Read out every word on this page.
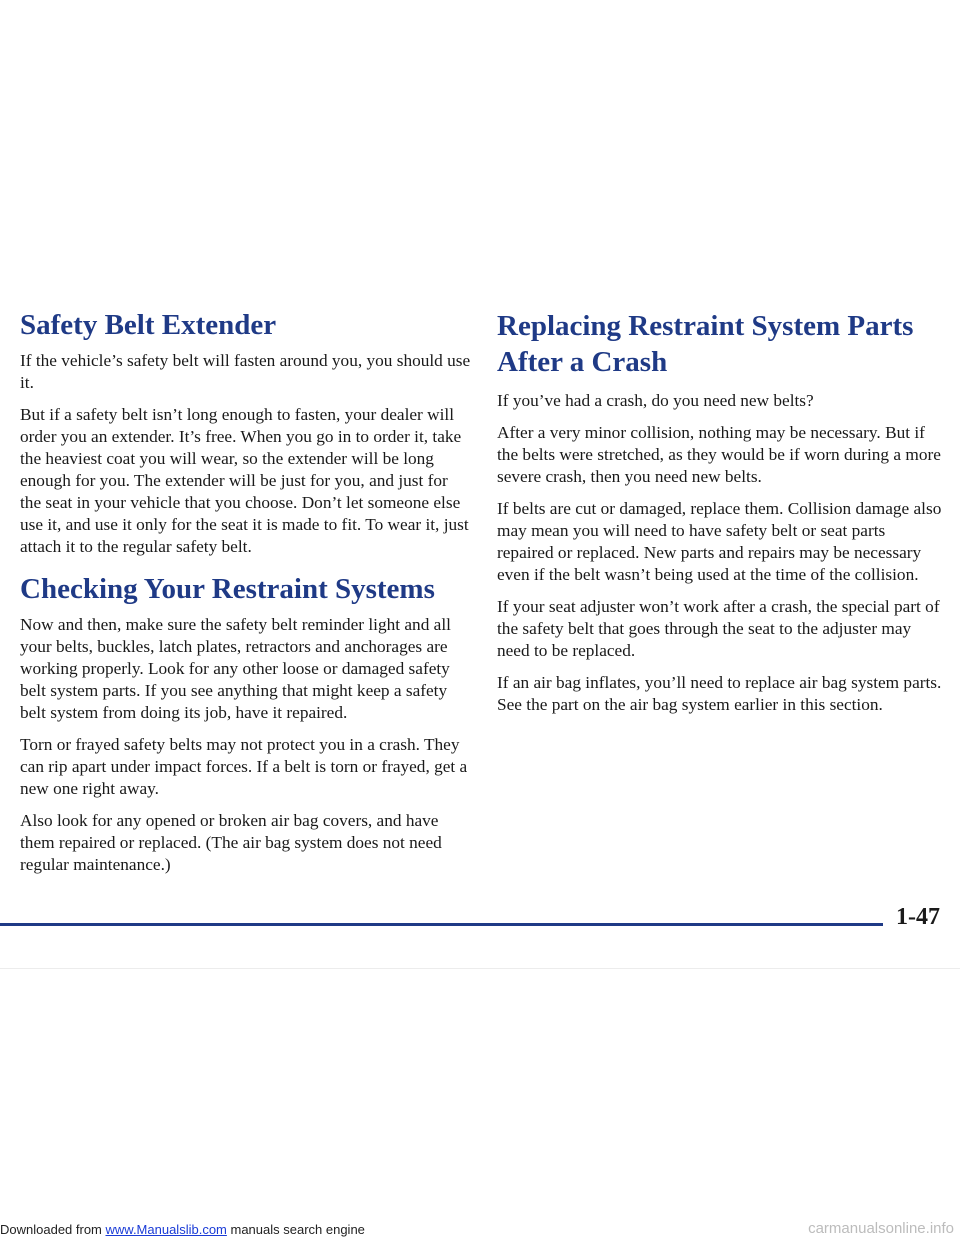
Safety Belt Extender

If the vehicle’s safety belt will fasten around you, you should use it.

But if a safety belt isn’t long enough to fasten, your dealer will order you an extender. It’s free. When you go in to order it, take the heaviest coat you will wear, so the extender will be long enough for you. The extender will be just for you, and just for the seat in your vehicle that you choose. Don’t let someone else use it, and use it only for the seat it is made to fit. To wear it, just attach it to the regular safety belt.

Checking Your Restraint Systems

Now and then, make sure the safety belt reminder light and all your belts, buckles, latch plates, retractors and anchorages are working properly. Look for any other loose or damaged safety belt system parts. If you see anything that might keep a safety belt system from doing its job, have it repaired.

Torn or frayed safety belts may not protect you in a crash. They can rip apart under impact forces. If a belt is torn or frayed, get a new one right away.

Also look for any opened or broken air bag covers, and have them repaired or replaced. (The air bag system does not need regular maintenance.)

Replacing Restraint System Parts After a Crash

If you’ve had a crash, do you need new belts?

After a very minor collision, nothing may be necessary. But if the belts were stretched, as they would be if worn during a more severe crash, then you need new belts.

If belts are cut or damaged, replace them. Collision damage also may mean you will need to have safety belt or seat parts repaired or replaced. New parts and repairs may be necessary even if the belt wasn’t being used at the time of the collision.

If your seat adjuster won’t work after a crash, the special part of the safety belt that goes through the seat to the adjuster may need to be replaced.

If an air bag inflates, you’ll need to replace air bag system parts. See the part on the air bag system earlier in this section.

1-47
Downloaded from www.Manualslib.com manuals search engine	carmanualsonline.info
